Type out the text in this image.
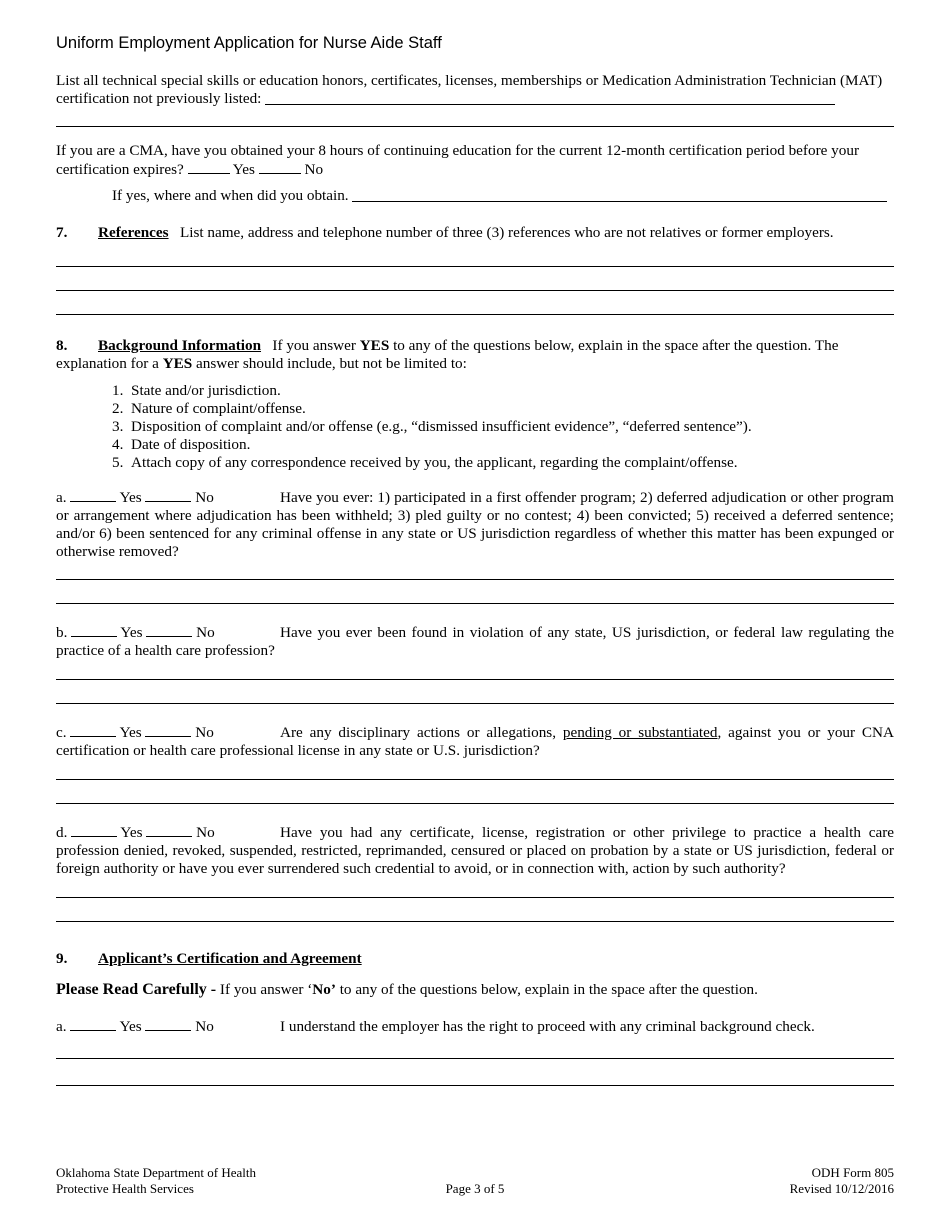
Uniform Employment Application for Nurse Aide Staff
List all technical special skills or education honors, certificates, licenses, memberships or Medication Administration Technician (MAT) certification not previously listed:
If you are a CMA, have you obtained your 8 hours of continuing education for the current 12-month certification period before your certification expires?	Yes	No
If yes, where and when did you obtain.
7. References List name, address and telephone number of three (3) references who are not relatives or former employers.
8. Background Information If you answer YES to any of the questions below, explain in the space after the question. The explanation for a YES answer should include, but not be limited to:
1. State and/or jurisdiction.
2. Nature of complaint/offense.
3. Disposition of complaint and/or offense (e.g., “dismissed insufficient evidence”, “deferred sentence”).
4. Date of disposition.
5. Attach copy of any correspondence received by you, the applicant, regarding the complaint/offense.
a.	Yes	No	Have you ever: 1) participated in a first offender program; 2) deferred adjudication or other program or arrangement where adjudication has been withheld; 3) pled guilty or no contest; 4) been convicted; 5) received a deferred sentence; and/or 6) been sentenced for any criminal offense in any state or US jurisdiction regardless of whether this matter has been expunged or otherwise removed?
b.	Yes	No	Have you ever been found in violation of any state, US jurisdiction, or federal law regulating the practice of a health care profession?
c.	Yes	No	Are any disciplinary actions or allegations, pending or substantiated, against you or your CNA certification or health care professional license in any state or U.S. jurisdiction?
d.	Yes	No	Have you had any certificate, license, registration or other privilege to practice a health care profession denied, revoked, suspended, restricted, reprimanded, censured or placed on probation by a state or US jurisdiction, federal or foreign authority or have you ever surrendered such credential to avoid, or in connection with, action by such authority?
9. Applicant’s Certification and Agreement
Please Read Carefully - If you answer ‘No’ to any of the questions below, explain in the space after the question.
a.	Yes	No	I understand the employer has the right to proceed with any criminal background check.
Oklahoma State Department of Health
Protective Health Services	Page 3 of 5
ODH Form 805
Revised 10/12/2016
